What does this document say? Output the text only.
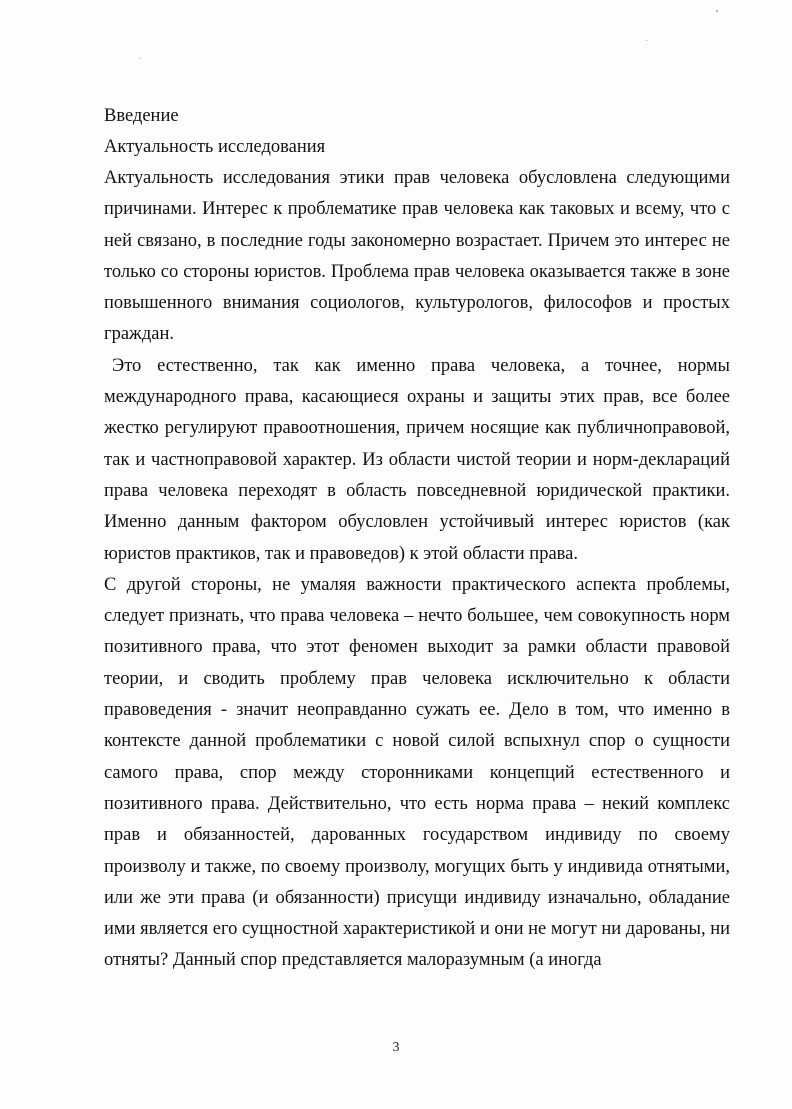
Введение
Актуальность исследования

Актуальность исследования этики прав человека обусловлена следующими причинами. Интерес к проблематике прав человека как таковых и всему, что с ней связано, в последние годы закономерно возрастает. Причем это интерес не только со стороны юристов. Проблема прав человека оказывается также в зоне повышенного внимания социологов, культурологов, философов и простых граждан.

Это естественно, так как именно права человека, а точнее, нормы международного права, касающиеся охраны и защиты этих прав, все более жестко регулируют правоотношения, причем носящие как публичноправовой, так и частноправовой характер. Из области чистой теории и норм-деклараций права человека переходят в область повседневной юридической практики. Именно данным фактором обусловлен устойчивый интерес юристов (как юристов практиков, так и правоведов) к этой области права.

С другой стороны, не умаляя важности практического аспекта проблемы, следует признать, что права человека – нечто большее, чем совокупность норм позитивного права, что этот феномен выходит за рамки области правовой теории, и сводить проблему прав человека исключительно к области правоведения - значит неоправданно сужать ее. Дело в том, что именно в контексте данной проблематики с новой силой вспыхнул спор о сущности самого права, спор между сторонниками концепций естественного и позитивного права. Действительно, что есть норма права – некий комплекс прав и обязанностей, дарованных государством индивиду по своему произволу и также, по своему произволу, могущих быть у индивида отнятыми, или же эти права (и обязанности) присущи индивиду изначально, обладание ими является его сущностной характеристикой и они не могут ни дарованы, ни отняты? Данный спор представляется малоразумным (а иногда

3
